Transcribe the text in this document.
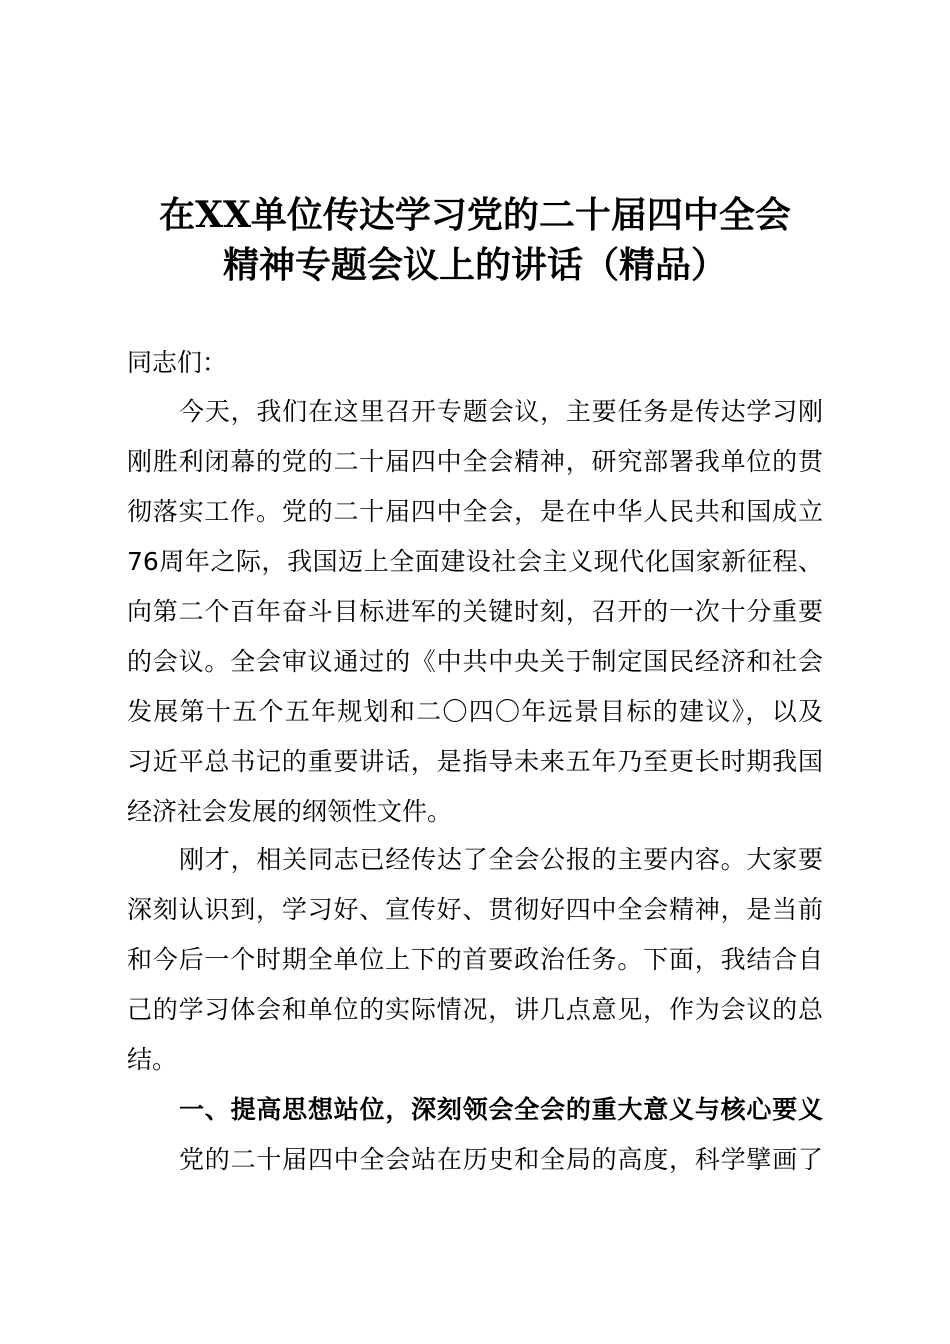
在XX单位传达学习党的二十届四中全会
精神专题会议上的讲话（精品）
同志们：
今天，我们在这里召开专题会议，主要任务是传达学习刚
刚胜利闭幕的党的二十届四中全会精神，研究部署我单位的贯
彻落实工作。党的二十届四中全会，是在中华人民共和国成立
76周年之际，我国迈上全面建设社会主义现代化国家新征程、
向第二个百年奋斗目标进军的关键时刻，召开的一次十分重要
的会议。全会审议通过的《中共中央关于制定国民经济和社会
发展第十五个五年规划和二〇四〇年远景目标的建议》，以及
习近平总书记的重要讲话，是指导未来五年乃至更长时期我国
经济社会发展的纲领性文件。
刚才，相关同志已经传达了全会公报的主要内容。大家要
深刻认识到，学习好、宣传好、贯彻好四中全会精神，是当前
和今后一个时期全单位上下的首要政治任务。下面，我结合自
己的学习体会和单位的实际情况，讲几点意见，作为会议的总
结。
一、提高思想站位，深刻领会全会的重大意义与核心要义
党的二十届四中全会站在历史和全局的高度，科学擘画了
